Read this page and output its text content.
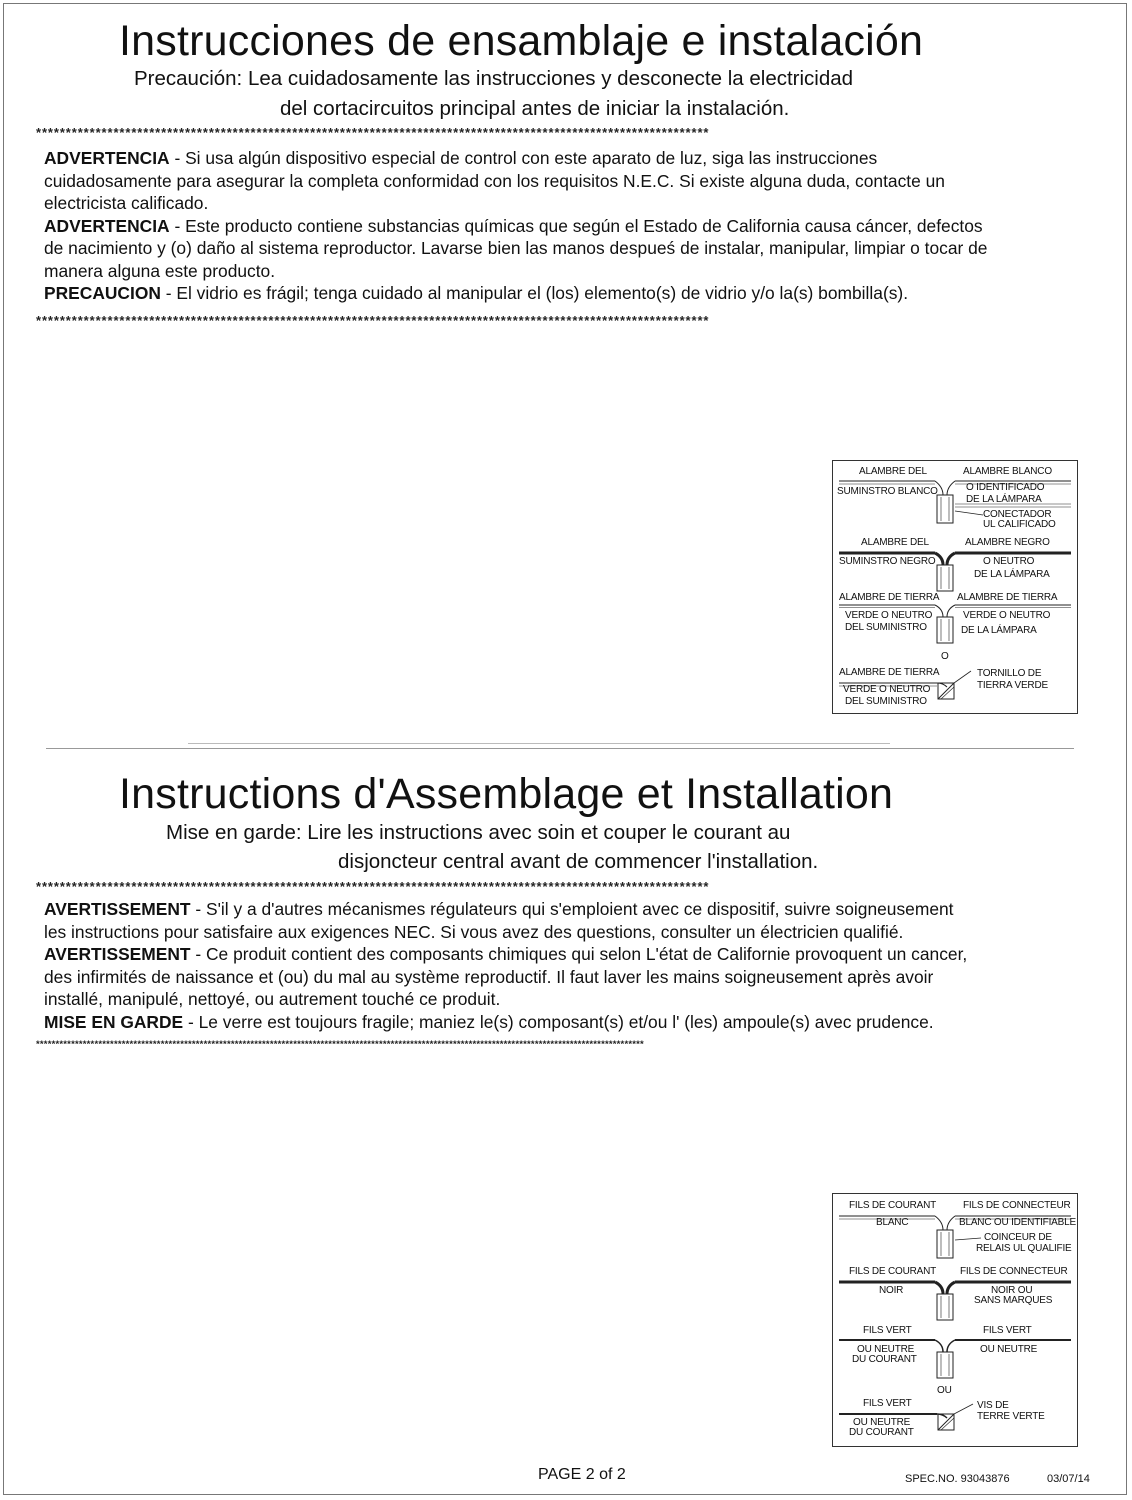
Instrucciones de ensamblaje e instalación
Precaución: Lea cuidadosamente las instrucciones y desconecte la electricidad
del cortacircuitos principal antes de iniciar la instalación.
*****************************************************************************************************************

ADVERTENCIA - Si usa algún dispositivo especial de control con este aparato de luz, siga las instrucciones

cuidadosamente para asegurar la completa conformidad con los requisitos N.E.C. Si existe alguna duda, contacte un

electricista calificado.

ADVERTENCIA - Este producto contiene substancias químicas que según el Estado de California causa cáncer, defectos

de nacimiento y (o) daño al sistema reproductor. Lavarse bien las manos despueś de instalar, manipular, limpiar o tocar de

manera alguna este producto.

PRECAUCION - El vidrio es frágil; tenga cuidado al manipular el (los) elemento(s) de vidrio y/o la(s) bombilla(s).

*****************************************************************************************************************
ALAMBRE DEL
SUMINSTRO BLANCO
ALAMBRE BLANCO
O IDENTIFICADO
DE LA LÁMPARA
CONECTADOR
UL CALIFICADO
ALAMBRE DEL
SUMINSTRO NEGRO
ALAMBRE NEGRO
O NEUTRO
DE LA LÁMPARA
ALAMBRE DE TIERRA
VERDE O NEUTRO
DEL SUMINISTRO
ALAMBRE DE TIERRA
VERDE O NEUTRO
DE LA LÁMPARA
O
ALAMBRE DE TIERRA
VERDE O NEUTRO
DEL SUMINISTRO
TORNILLO DE
TIERRA VERDE
Instructions d'Assemblage et Installation
Mise en garde: Lire les instructions avec soin et couper le courant au
disjoncteur central avant de commencer l'installation.
*****************************************************************************************************************

AVERTISSEMENT - S'il y a d'autres mécanismes régulateurs qui s'emploient avec ce dispositif, suivre soigneusement

les instructions pour satisfaire aux exigences NEC. Si vous avez des questions, consulter un électricien qualifié.

AVERTISSEMENT - Ce produit contient des composants chimiques qui selon L'état de Californie provoquent un cancer,

des infirmités de naissance et (ou) du mal au système reproductif. Il faut laver les mains soigneusement après avoir

installé, manipulé, nettoyé, ou autrement touché ce produit.

MISE EN GARDE - Le verre est toujours fragile; maniez le(s) composant(s) et/ou l' (les) ampoule(s) avec prudence.

************************************************************************************************************************************************************
FILS DE COURANT
BLANC
FILS DE CONNECTEUR
BLANC OU IDENTIFIABLE
COINCEUR DE
RELAIS UL QUALIFIE
FILS DE COURANT
NOIR
FILS DE CONNECTEUR
NOIR OU
SANS MARQUES
FILS VERT
OU NEUTRE
DU COURANT
FILS VERT
OU NEUTRE
OU
FILS VERT
OU NEUTRE
DU COURANT
VIS DE
TERRE VERTE
PAGE 2 of 2	SPEC.NO. 93043876	03/07/14
